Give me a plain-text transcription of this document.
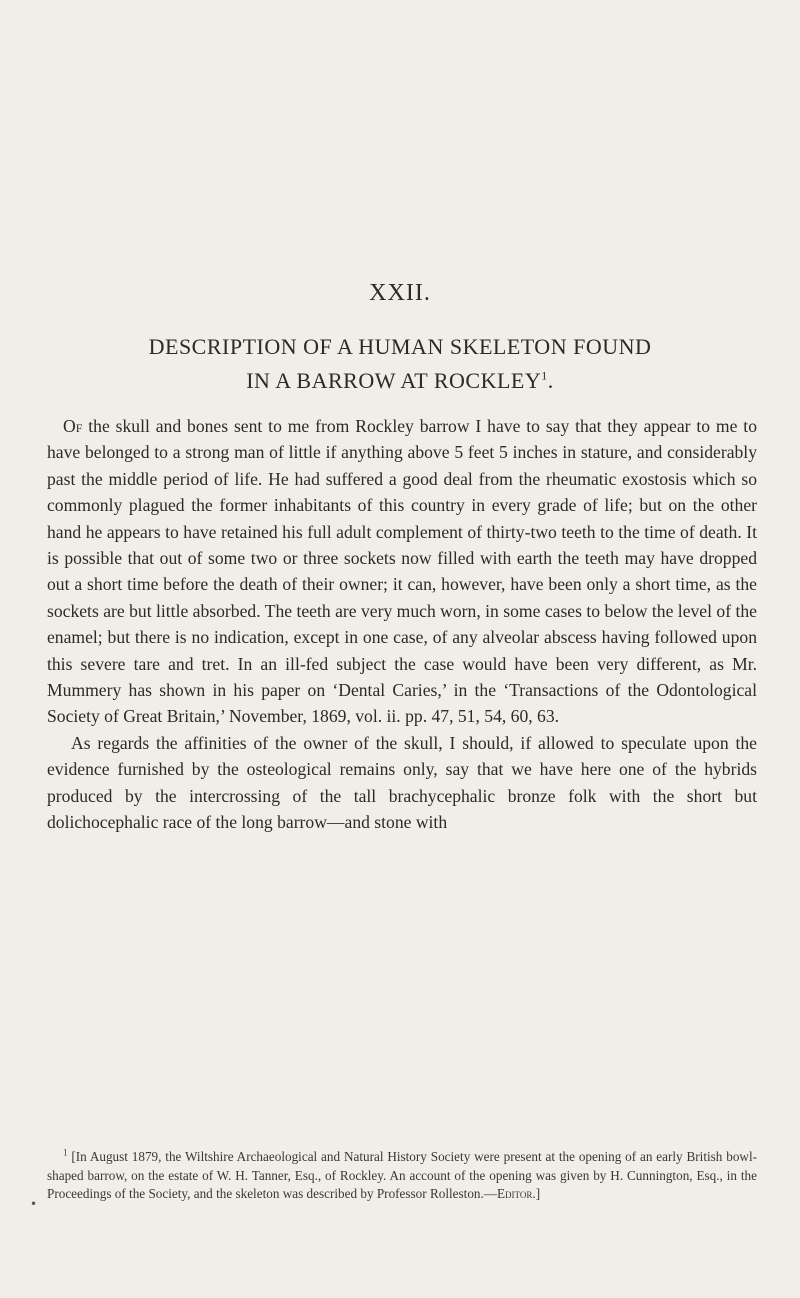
XXII.
DESCRIPTION OF A HUMAN SKELETON FOUND
IN A BARROW AT ROCKLEY$^1$.

Of the skull and bones sent to me from Rockley barrow I have to say that they appear to me to have belonged to a strong man of little if anything above 5 feet 5 inches in stature, and considerably past the middle period of life. He had suffered a good deal from the rheumatic exostosis which so commonly plagued the former inhabitants of this country in every grade of life; but on the other hand he appears to have retained his full adult complement of thirty-two teeth to the time of death. It is possible that out of some two or three sockets now filled with earth the teeth may have dropped out a short time before the death of their owner; it can, however, have been only a short time, as the sockets are but little absorbed. The teeth are very much worn, in some cases to below the level of the enamel; but there is no indication, except in one case, of any alveolar abscess having followed upon this severe tare and tret. In an ill-fed subject the case would have been very different, as Mr. Mummery has shown in his paper on ‘Dental Caries,’ in the ‘Transactions of the Odontological Society of Great Britain,’ November, 1869, vol. ii. pp. 47, 51, 54, 60, 63.

As regards the affinities of the owner of the skull, I should, if allowed to speculate upon the evidence furnished by the osteological remains only, say that we have here one of the hybrids produced by the intercrossing of the tall brachycephalic bronze folk with the short but dolichocephalic race of the long barrow—and stone with

$^1$ [In August 1879, the Wiltshire Archaeological and Natural History Society were present at the opening of an early British bowl-shaped barrow, on the estate of W. H. Tanner, Esq., of Rockley. An account of the opening was given by H. Cunnington, Esq., in the Proceedings of the Society, and the skeleton was described by Professor Rolleston.—Editor.]

•
